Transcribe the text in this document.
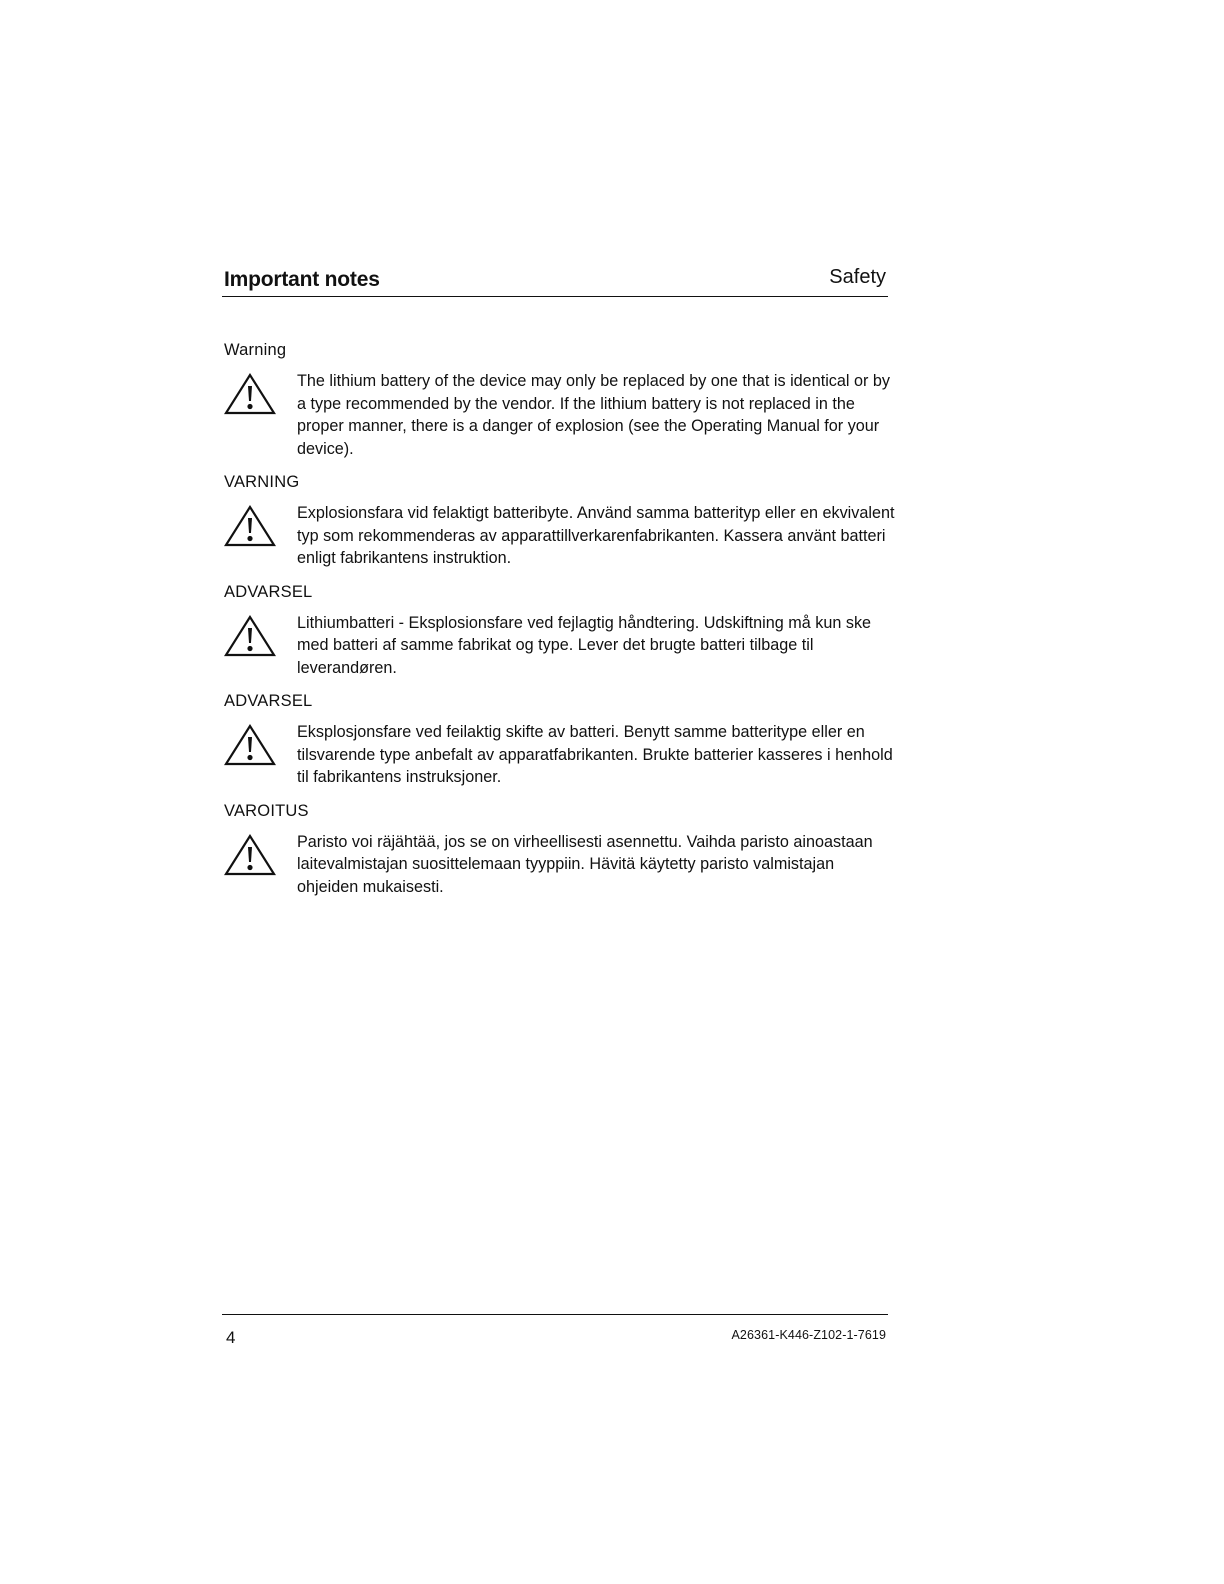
Important notes	Safety
Warning
The lithium battery of the device may only be replaced by one that is identical or by a type recommended by the vendor. If the lithium battery is not replaced in the proper manner, there is a danger of explosion (see the Operating Manual for your device).
VARNING
Explosionsfara vid felaktigt batteribyte. Använd samma batterityp eller en ekvivalent typ som rekommenderas av apparattillverkarenfabrikanten. Kassera använt batteri enligt fabrikantens instruktion.
ADVARSEL
Lithiumbatteri - Eksplosionsfare ved fejlagtig håndtering. Udskiftning må kun ske med batteri af samme fabrikat og type. Lever det brugte batteri tilbage til leverandøren.
ADVARSEL
Eksplosjonsfare ved feilaktig skifte av batteri. Benytt samme batteritype eller en tilsvarende type anbefalt av apparatfabrikanten. Brukte batterier kasseres i henhold til fabrikantens instruksjoner.
VAROITUS
Paristo voi räjähtää, jos se on virheellisesti asennettu. Vaihda paristo ainoastaan laitevalmistajan suosittelemaan tyyppiin. Hävitä käytetty paristo valmistajan ohjeiden mukaisesti.
4	A26361-K446-Z102-1-7619
